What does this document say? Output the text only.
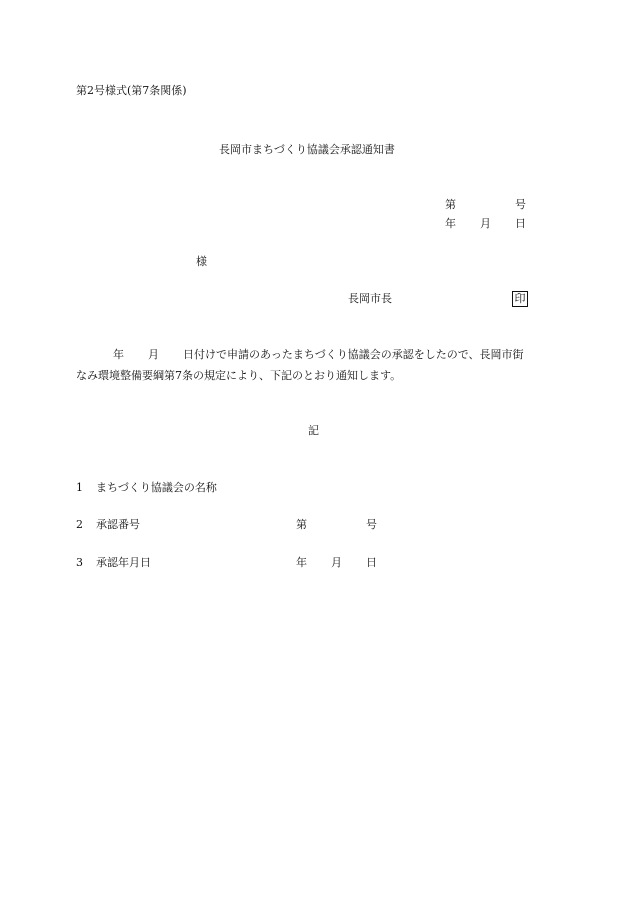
第2号様式(第7条関係)
長岡市まちづくり協議会承認通知書
第	号
年 月 日
様
長岡市長	印
年 月 日付けで申請のあったまちづくり協議会の承認をしたので、長岡市街
なみ環境整備要綱第7条の規定により、下記のとおり通知します。
記
1 まちづくり協議会の名称
2 承認番号	第	号
3 承認年月日	年 月 日
